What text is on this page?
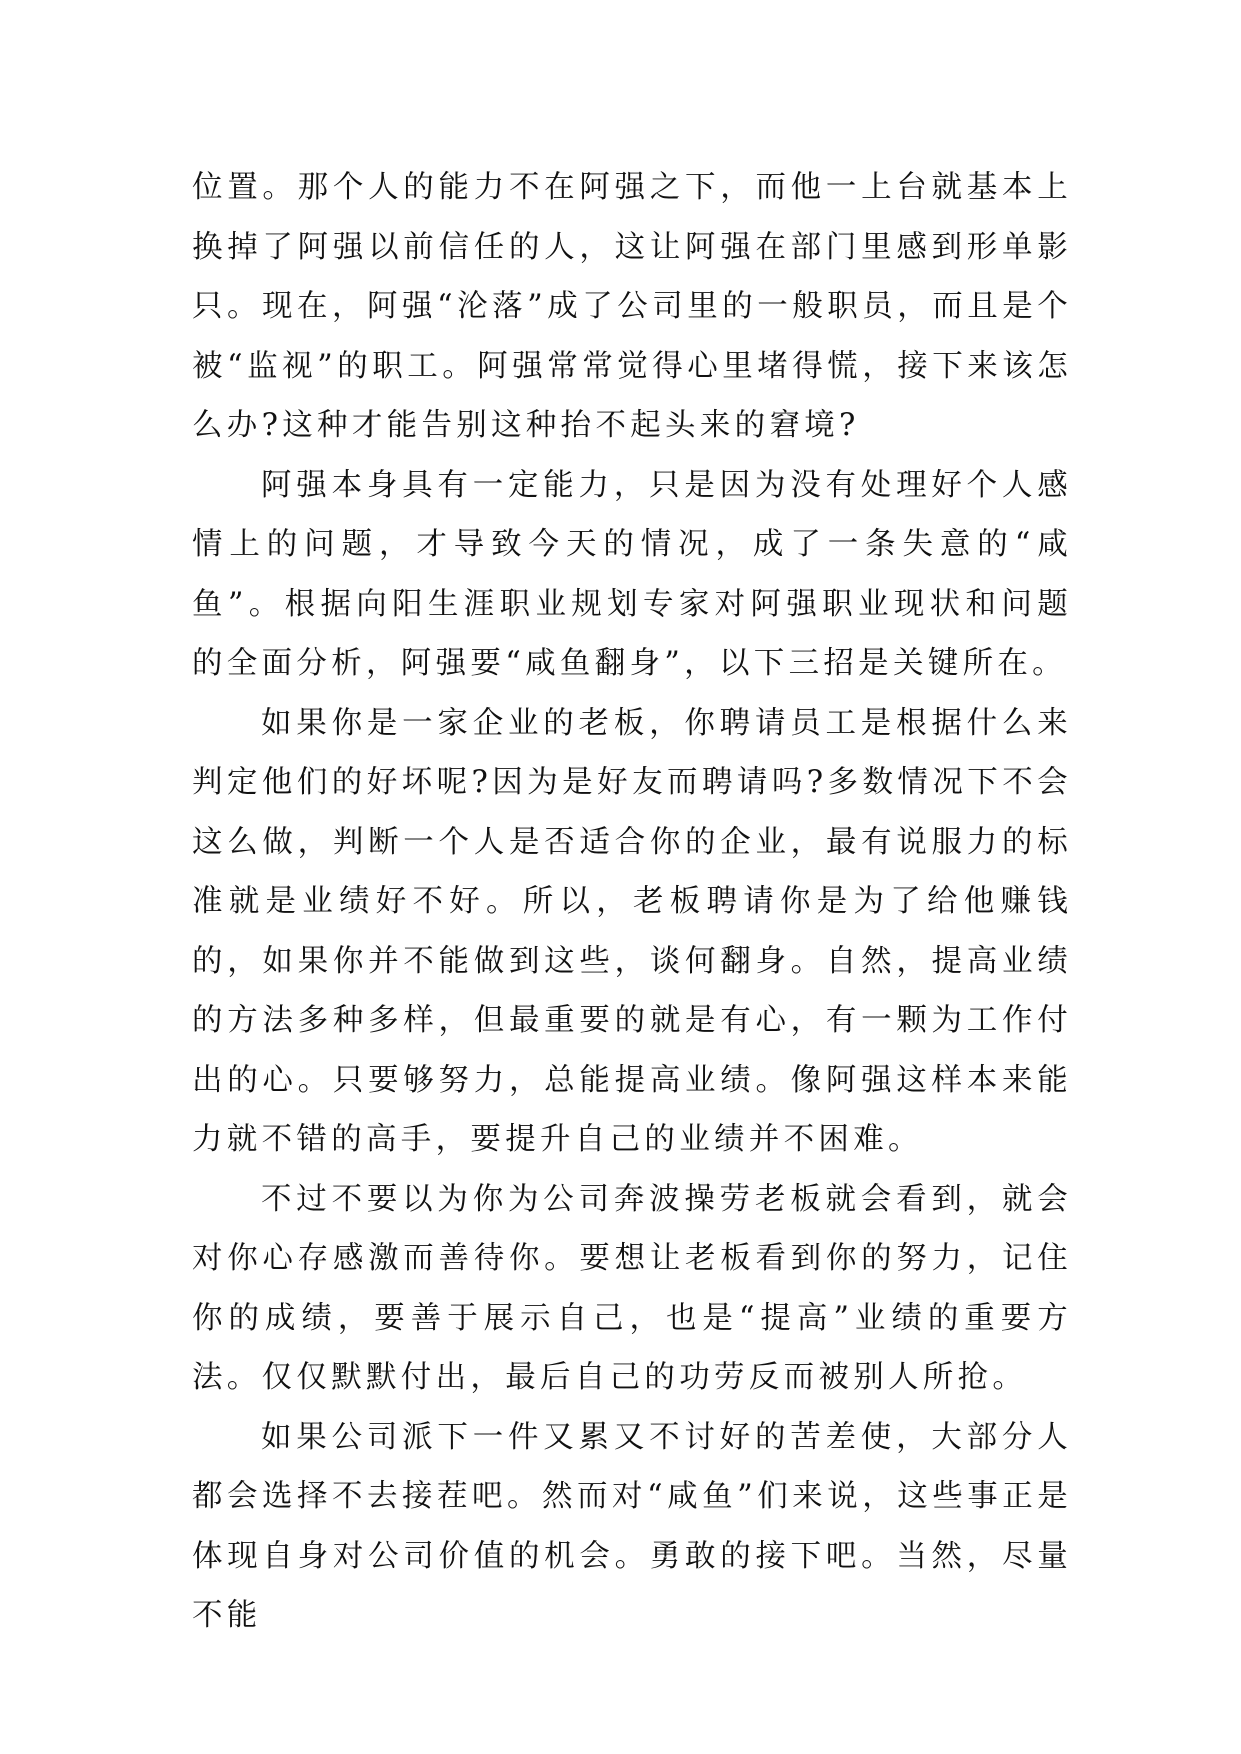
位置。那个人的能力不在阿强之下，而他一上台就基本上换掉了阿强以前信任的人，这让阿强在部门里感到形单影只。现在，阿强“沦落”成了公司里的一般职员，而且是个被“监视”的职工。阿强常常觉得心里堵得慌，接下来该怎么办?这种才能告别这种抬不起头来的窘境?

阿强本身具有一定能力，只是因为没有处理好个人感情上的问题，才导致今天的情况，成了一条失意的“咸鱼”。根据向阳生涯职业规划专家对阿强职业现状和问题的全面分析，阿强要“咸鱼翻身”，以下三招是关键所在。

如果你是一家企业的老板，你聘请员工是根据什么来判定他们的好坏呢?因为是好友而聘请吗?多数情况下不会这么做，判断一个人是否适合你的企业，最有说服力的标准就是业绩好不好。所以，老板聘请你是为了给他赚钱的，如果你并不能做到这些，谈何翻身。自然，提高业绩的方法多种多样，但最重要的就是有心，有一颗为工作付出的心。只要够努力，总能提高业绩。像阿强这样本来能力就不错的高手，要提升自己的业绩并不困难。

不过不要以为你为公司奔波操劳老板就会看到，就会对你心存感激而善待你。要想让老板看到你的努力，记住你的成绩，要善于展示自己，也是“提高”业绩的重要方法。仅仅默默付出，最后自己的功劳反而被别人所抢。

如果公司派下一件又累又不讨好的苦差使，大部分人都会选择不去接茬吧。然而对“咸鱼”们来说，这些事正是体现自身对公司价值的机会。勇敢的接下吧。当然，尽量不能
